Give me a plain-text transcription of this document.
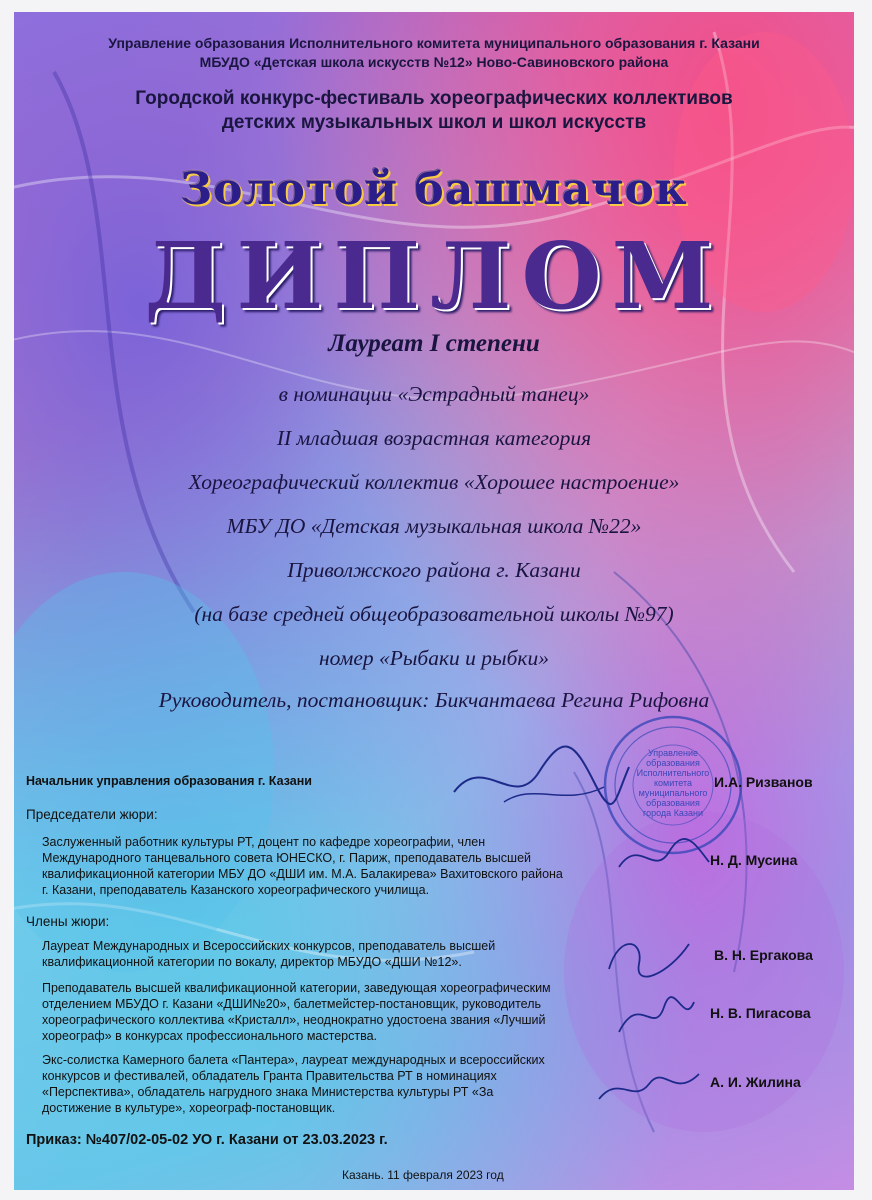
Управление образования Исполнительного комитета муниципального образования г. Казани
МБУДО «Детская школа искусств №12» Ново-Савиновского района
Городской конкурс-фестиваль хореографических коллективов
детских музыкальных школ и школ искусств
Золотой башмачок
ДИПЛОМ
Лауреат I степени
в номинации «Эстрадный танец»
II младшая возрастная категория
Хореографический коллектив «Хорошее настроение»
МБУ ДО «Детская музыкальная школа №22»
Приволжского района г. Казани
(на базе средней общеобразовательной школы №97)
номер «Рыбаки и рыбки»
Руководитель, постановщик: Бикчантаева Регина Рифовна
Управление
образования
Исполнительного
комитета
муниципального
образования
города Казани
Начальник управления образования г. Казани	И.А. Ризванов
Председатели жюри:
Заслуженный работник культуры РТ, доцент по кафедре хореографии, член
Международного танцевального совета ЮНЕСКО, г. Париж, преподаватель высшей
квалификационной категории МБУ ДО «ДШИ им. М.А. Балакирева» Вахитовского района
г. Казани, преподаватель Казанского хореографического училища.
Н. Д. Мусина
Члены жюри:
Лауреат Международных и Всероссийских конкурсов, преподаватель высшей
квалификационной категории по вокалу, директор МБУДО «ДШИ №12».	В. Н. Ергакова
Преподаватель высшей квалификационной категории, заведующая хореографическим
отделением МБУДО г. Казани «ДШИ№20», балетмейстер-постановщик, руководитель
хореографического коллектива «Кристалл», неоднократно удостоена звания «Лучший
хореограф» в конкурсах профессионального мастерства.
Н. В. Пигасова
Экс-солистка Камерного балета «Пантера», лауреат международных и всероссийских
конкурсов и фестивалей, обладатель Гранта Правительства РТ в номинациях
«Перспектива», обладатель нагрудного знака Министерства культуры РТ «За
достижение в культуре», хореограф-постановщик.
А. И. Жилина
Приказ: №407/02-05-02 УО г. Казани от 23.03.2023 г.
Казань. 11 февраля 2023 год
